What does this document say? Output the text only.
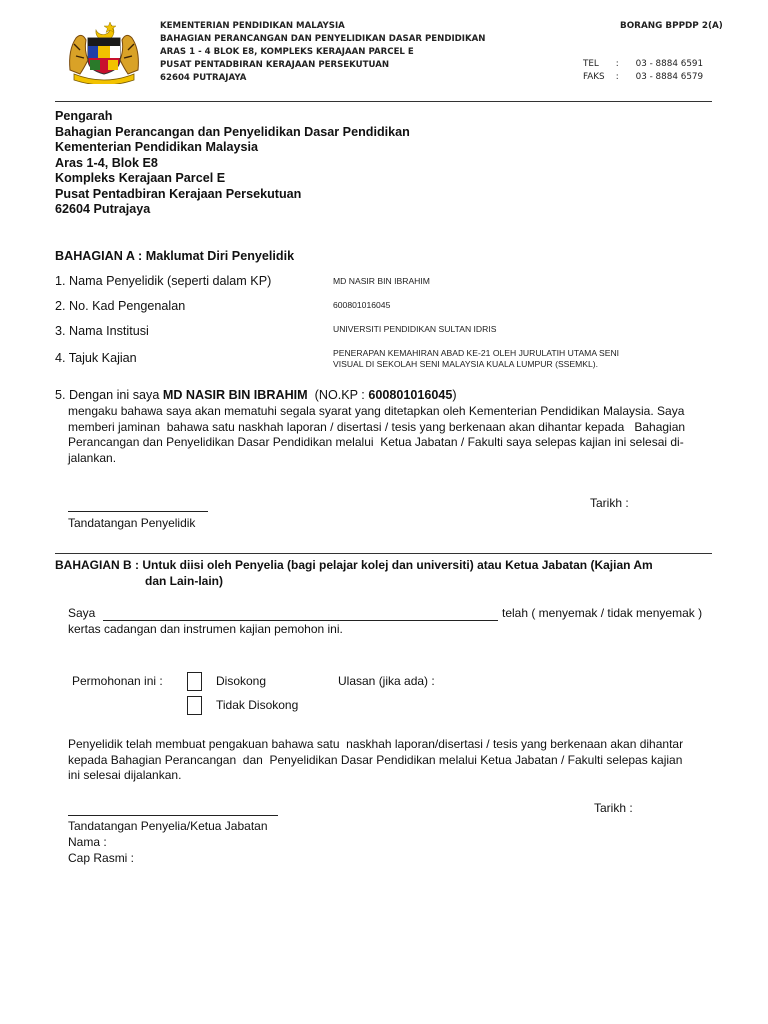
KEMENTERIAN PENDIDIKAN MALAYSIA
BAHAGIAN PERANCANGAN DAN PENYELIDIKAN DASAR PENDIDIKAN
ARAS 1 - 4 BLOK E8, KOMPLEKS KERAJAAN PARCEL E
PUSAT PENTADBIRAN KERAJAAN PERSEKUTUAN
62604 PUTRAJAYA
BORANG BPPDP 2(A)
TEL : 03 - 8884 6591
FAKS : 03 - 8884 6579
Pengarah
Bahagian Perancangan dan Penyelidikan Dasar Pendidikan
Kementerian Pendidikan Malaysia
Aras 1-4, Blok E8
Kompleks Kerajaan Parcel E
Pusat Pentadbiran Kerajaan Persekutuan
62604 Putrajaya
BAHAGIAN A : Maklumat Diri Penyelidik
1. Nama Penyelidik (seperti dalam KP)	MD NASIR BIN IBRAHIM
2. No. Kad Pengenalan	600801016045
3. Nama Institusi	UNIVERSITI PENDIDIKAN SULTAN IDRIS
4. Tajuk Kajian	PENERAPAN KEMAHIRAN ABAD KE-21 OLEH JURULATIH UTAMA SENI
VISUAL DI SEKOLAH SENI MALAYSIA KUALA LUMPUR (SSEMKL).
5. Dengan ini saya MD NASIR BIN IBRAHIM  (NO.KP : 600801016045)
mengaku bahawa saya akan mematuhi segala syarat yang ditetapkan oleh Kementerian Pendidikan Malaysia. Saya
memberi jaminan  bahawa satu naskhah laporan / disertasi / tesis yang berkenaan akan dihantar kepada   Bahagian
Perancangan dan Penyelidikan Dasar Pendidikan melalui  Ketua Jabatan / Fakulti saya selepas kajian ini selesai di-
jalankan.
Tarikh :
Tandatangan Penyelidik
BAHAGIAN B : Untuk diisi oleh Penyelia (bagi pelajar kolej dan universiti) atau Ketua Jabatan (Kajian Am
dan Lain-lain)
Saya	telah ( menyemak / tidak menyemak )
kertas cadangan dan instrumen kajian pemohon ini.
Permohonan ini :	Disokong	Ulasan (jika ada) :
Tidak Disokong
Penyelidik telah membuat pengakuan bahawa satu  naskhah laporan/disertasi / tesis yang berkenaan akan dihantar
kepada Bahagian Perancangan  dan  Penyelidikan Dasar Pendidikan melalui Ketua Jabatan / Fakulti selepas kajian
ini selesai dijalankan.
Tarikh :
Tandatangan Penyelia/Ketua Jabatan
Nama :
Cap Rasmi :
